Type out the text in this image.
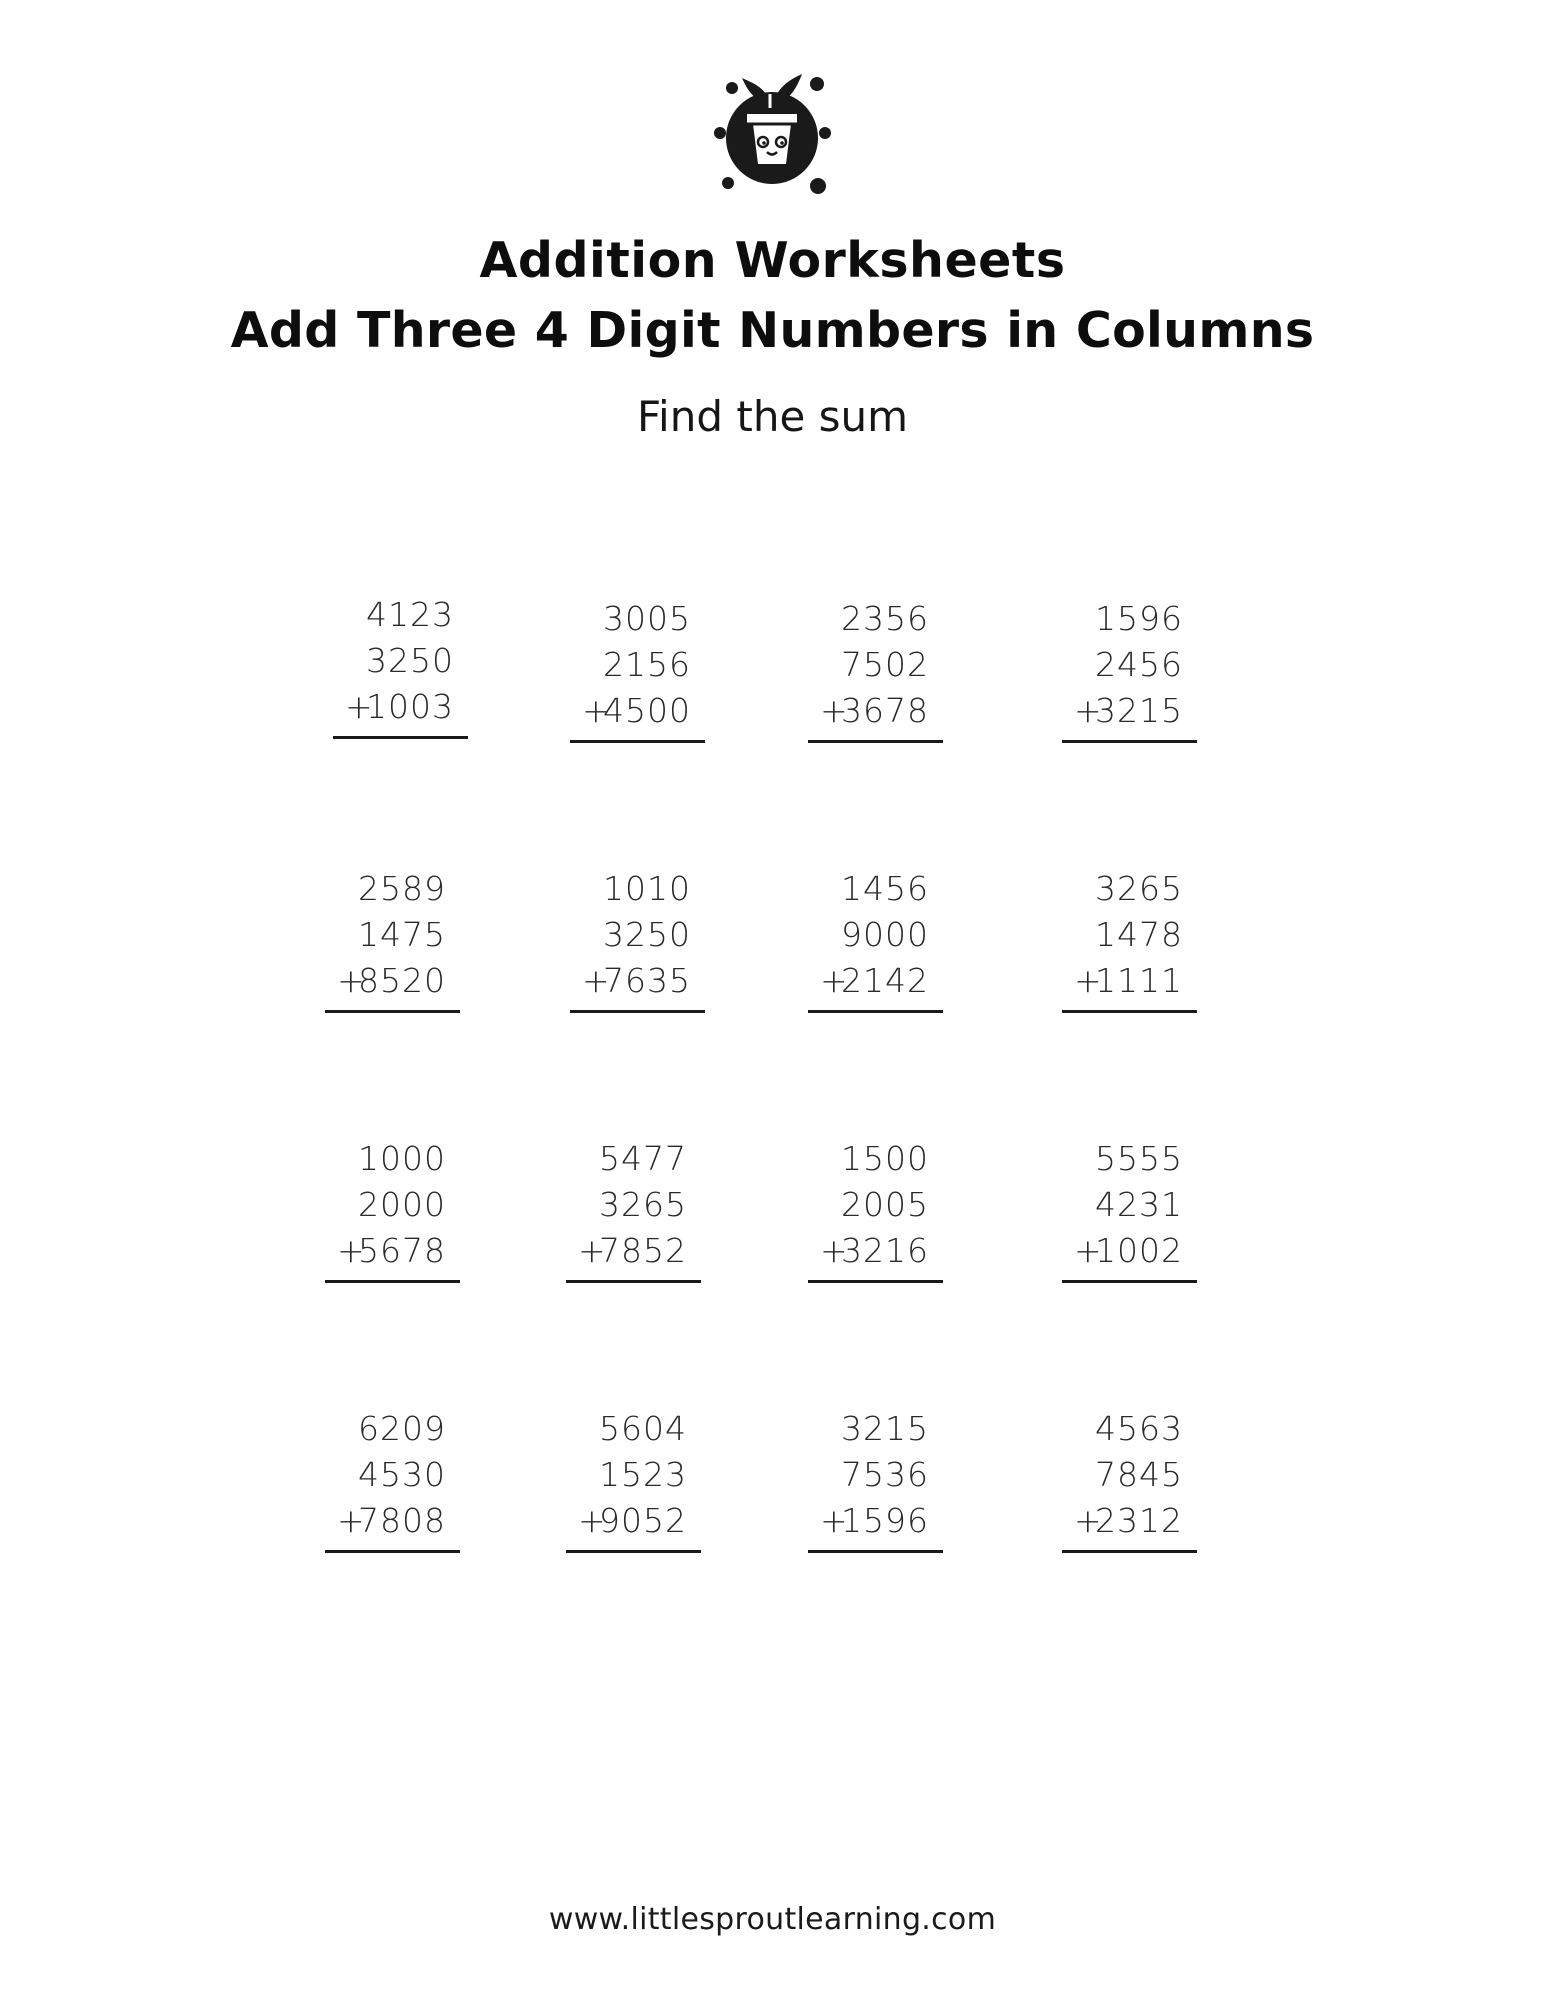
Addition Worksheets
Add Three 4 Digit Numbers in Columns
Find the sum
4123
3250
+
1003
3005
2156
+
4500
2356
7502
+
3678
1596
2456
+
3215
2589
1475
+
8520
1010
3250
+
7635
1456
9000
+
2142
3265
1478
+
1111
1000
2000
+
5678
5477
3265
+
7852
1500
2005
+
3216
5555
4231
+
1002
6209
4530
+
7808
5604
1523
+
9052
3215
7536
+
1596
4563
7845
+
2312
www.littlesproutlearning.com
